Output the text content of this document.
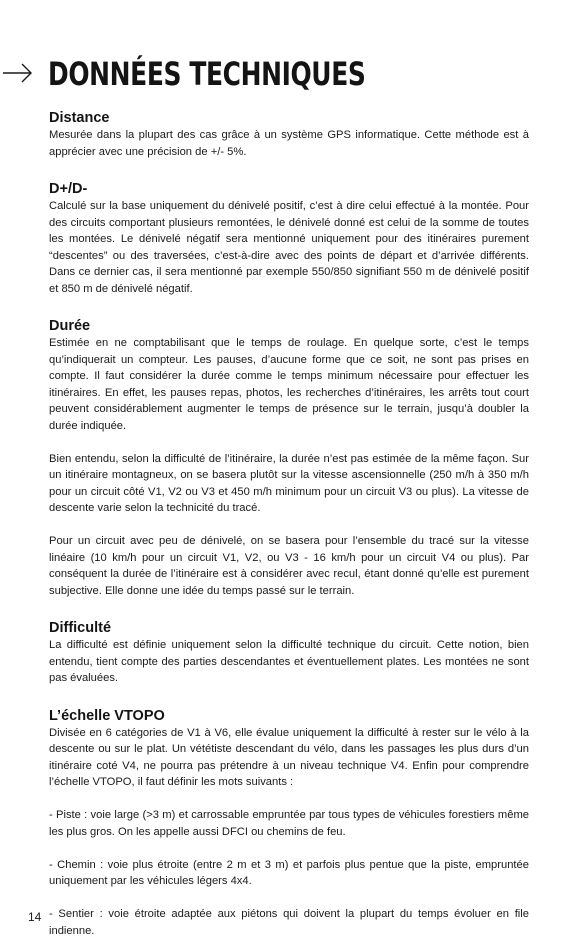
DONNÉES TECHNIQUES
Distance

Mesurée dans la plupart des cas grâce à un système GPS informatique. Cette méthode est à apprécier avec une précision de +/- 5%.

D+/D-

Calculé sur la base uniquement du dénivelé positif, c’est à dire celui effectué à la montée. Pour des circuits comportant plusieurs remontées, le dénivelé donné est celui de la somme de toutes les montées. Le dénivelé négatif sera mentionné uniquement pour des itinéraires purement “descentes” ou des traversées, c’est-à-dire avec des points de départ et d’arrivée différents. Dans ce dernier cas, il sera mentionné par exemple 550/850 signifiant 550 m de dénivelé positif et 850 m de dénivelé négatif.

Durée

Estimée en ne comptabilisant que le temps de roulage. En quelque sorte, c’est le temps qu’indiquerait un compteur. Les pauses, d’aucune forme que ce soit, ne sont pas prises en compte. Il faut considérer la durée comme le temps minimum nécessaire pour effectuer les itinéraires. En effet, les pauses repas, photos, les recherches d’itinéraires, les arrêts tout court peuvent considérablement augmenter le temps de présence sur le terrain, jusqu’à doubler la durée indiquée.

Bien entendu, selon la difficulté de l’itinéraire, la durée n’est pas estimée de la même façon. Sur un itinéraire montagneux, on se basera plutôt sur la vitesse ascensionnelle (250 m/h à 350 m/h pour un circuit côté V1, V2 ou V3 et 450 m/h minimum pour un circuit V3 ou plus). La vitesse de descente varie selon la technicité du tracé.

Pour un circuit avec peu de dénivelé, on se basera pour l’ensemble du tracé sur la vitesse linéaire (10 km/h pour un circuit V1, V2, ou V3 - 16 km/h pour un circuit V4 ou plus). Par conséquent la durée de l’itinéraire est à considérer avec recul, étant donné qu’elle est purement subjective. Elle donne une idée du temps passé sur le terrain.

Difficulté

La difficulté est définie uniquement selon la difficulté technique du circuit. Cette notion, bien entendu, tient compte des parties descendantes et éventuellement plates. Les montées ne sont pas évaluées.

L’échelle VTOPO

Divisée en 6 catégories de V1 à V6, elle évalue uniquement la difficulté à rester sur le vélo à la descente ou sur le plat. Un vététiste descendant du vélo, dans les passages les plus durs d’un itinéraire coté V4, ne pourra pas prétendre à un niveau technique V4. Enfin pour comprendre l’échelle VTOPO, il faut définir les mots suivants :

- Piste : voie large (>3 m) et carrossable empruntée par tous types de véhicules forestiers même les plus gros. On les appelle aussi DFCI ou chemins de feu.

- Chemin : voie plus étroite (entre 2 m et 3 m) et parfois plus pentue que la piste, empruntée uniquement par les véhicules légers 4x4.

- Sentier : voie étroite adaptée aux piétons qui doivent la plupart du temps évoluer en file indienne.

14
